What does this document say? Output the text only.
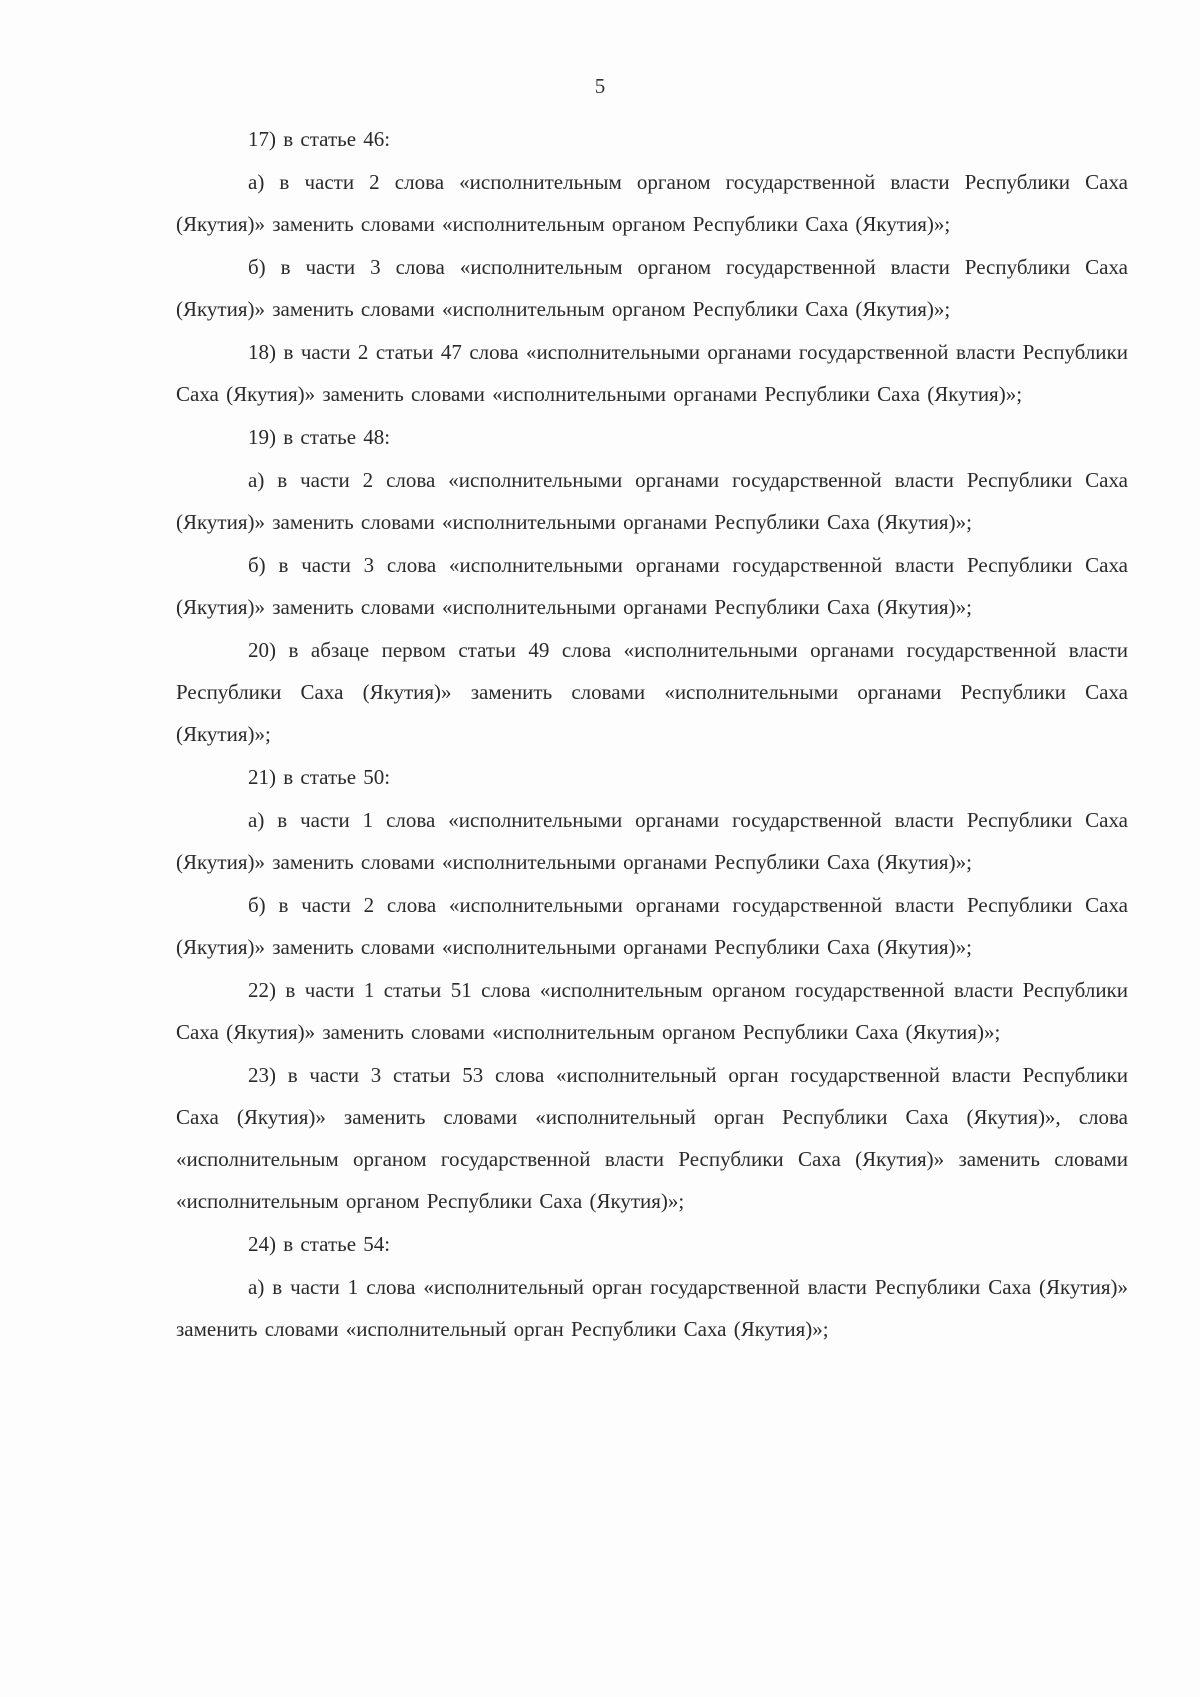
5

17) в статье 46:

а) в части 2 слова «исполнительным органом государственной власти Республики Саха (Якутия)» заменить словами «исполнительным органом Республики Саха (Якутия)»;

б) в части 3 слова «исполнительным органом государственной власти Республики Саха (Якутия)» заменить словами «исполнительным органом Республики Саха (Якутия)»;

18) в части 2 статьи 47 слова «исполнительными органами государственной власти Республики Саха (Якутия)» заменить словами «исполнительными органами Республики Саха (Якутия)»;

19) в статье 48:

а) в части 2 слова «исполнительными органами государственной власти Республики Саха (Якутия)» заменить словами «исполнительными органами Республики Саха (Якутия)»;

б) в части 3 слова «исполнительными органами государственной власти Республики Саха (Якутия)» заменить словами «исполнительными органами Республики Саха (Якутия)»;

20) в абзаце первом статьи 49 слова «исполнительными органами государственной власти Республики Саха (Якутия)» заменить словами «исполнительными органами Республики Саха (Якутия)»;

21) в статье 50:

а) в части 1 слова «исполнительными органами государственной власти Республики Саха (Якутия)» заменить словами «исполнительными органами Республики Саха (Якутия)»;

б) в части 2 слова «исполнительными органами государственной власти Республики Саха (Якутия)» заменить словами «исполнительными органами Республики Саха (Якутия)»;

22) в части 1 статьи 51 слова «исполнительным органом государственной власти Республики Саха (Якутия)» заменить словами «исполнительным органом Республики Саха (Якутия)»;

23) в части 3 статьи 53 слова «исполнительный орган государственной власти Республики Саха (Якутия)» заменить словами «исполнительный орган Республики Саха (Якутия)», слова «исполнительным органом государственной власти Республики Саха (Якутия)» заменить словами «исполнительным органом Республики Саха (Якутия)»;

24) в статье 54:

а) в части 1 слова «исполнительный орган государственной власти Республики Саха (Якутия)» заменить словами «исполнительный орган Республики Саха (Якутия)»;
